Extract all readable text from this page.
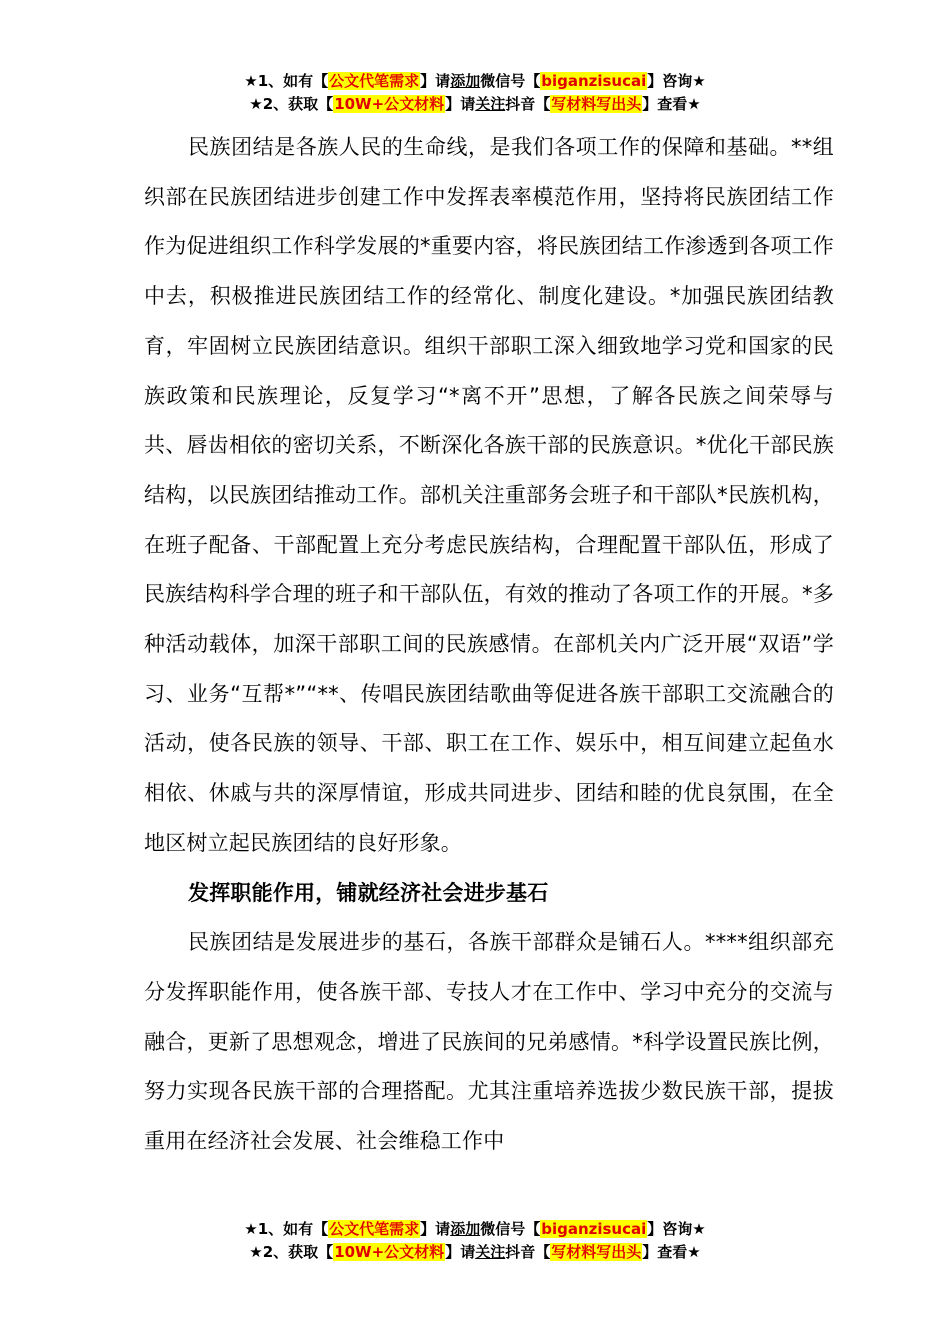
★1、如有【公文代笔需求】请添加微信号【biganzisucai】咨询★
★2、获取【10W+公文材料】请关注抖音【写材料写出头】查看★

民族团结是各族人民的生命线，是我们各项工作的保障和基础。**组织部在民族团结进步创建工作中发挥表率模范作用，坚持将民族团结工作作为促进组织工作科学发展的*重要内容，将民族团结工作渗透到各项工作中去，积极推进民族团结工作的经常化、制度化建设。*加强民族团结教育，牢固树立民族团结意识。组织干部职工深入细致地学习党和国家的民族政策和民族理论，反复学习“*离不开”思想，了解各民族之间荣辱与共、唇齿相依的密切关系，不断深化各族干部的民族意识。*优化干部民族结构，以民族团结推动工作。部机关注重部务会班子和干部队*民族机构，在班子配备、干部配置上充分考虑民族结构，合理配置干部队伍，形成了民族结构科学合理的班子和干部队伍，有效的推动了各项工作的开展。*多种活动载体，加深干部职工间的民族感情。在部机关内广泛开展“双语”学习、业务“互帮*”“**、传唱民族团结歌曲等促进各族干部职工交流融合的活动，使各民族的领导、干部、职工在工作、娱乐中，相互间建立起鱼水相依、休戚与共的深厚情谊，形成共同进步、团结和睦的优良氛围，在全地区树立起民族团结的良好形象。

发挥职能作用，铺就经济社会进步基石

民族团结是发展进步的基石，各族干部群众是铺石人。****组织部充分发挥职能作用，使各族干部、专技人才在工作中、学习中充分的交流与融合，更新了思想观念，增进了民族间的兄弟感情。*科学设置民族比例，努力实现各民族干部的合理搭配。尤其注重培养选拔少数民族干部，提拔重用在经济社会发展、社会维稳工作中

★1、如有【公文代笔需求】请添加微信号【biganzisucai】咨询★
★2、获取【10W+公文材料】请关注抖音【写材料写出头】查看★
